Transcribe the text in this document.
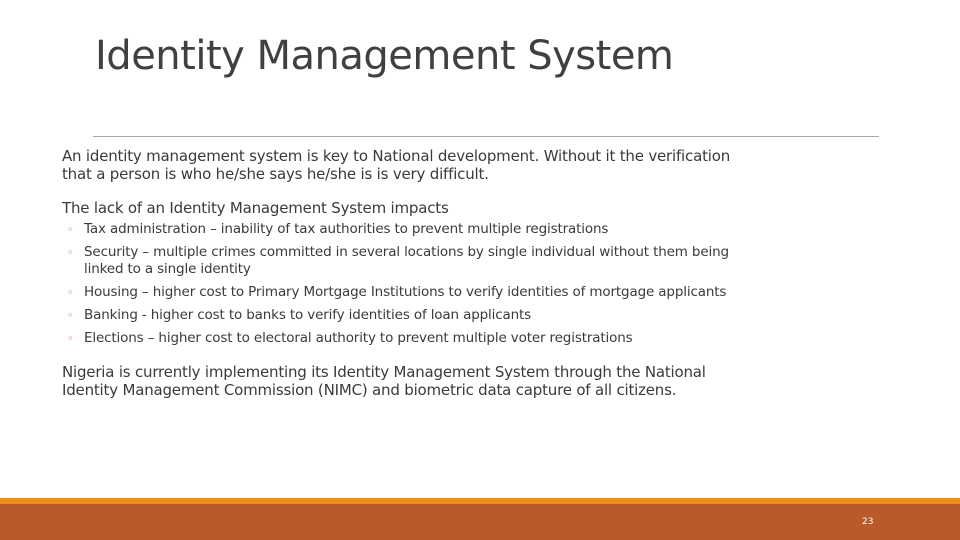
Identity Management System

An identity management system is key to National development. Without it the verification that a person is who he/she says he/she is is very difficult.

The lack of an Identity Management System impacts

◦ Tax administration – inability of tax authorities to prevent multiple registrations
◦ Security – multiple crimes committed in several locations by single individual without them being linked to a single identity
◦ Housing – higher cost to Primary Mortgage Institutions to verify identities of mortgage applicants
◦ Banking - higher cost to banks to verify identities of loan applicants
◦ Elections – higher cost to electoral authority to prevent multiple voter registrations

Nigeria is currently implementing its Identity Management System through the National Identity Management Commission (NIMC) and biometric data capture of all citizens.

23
